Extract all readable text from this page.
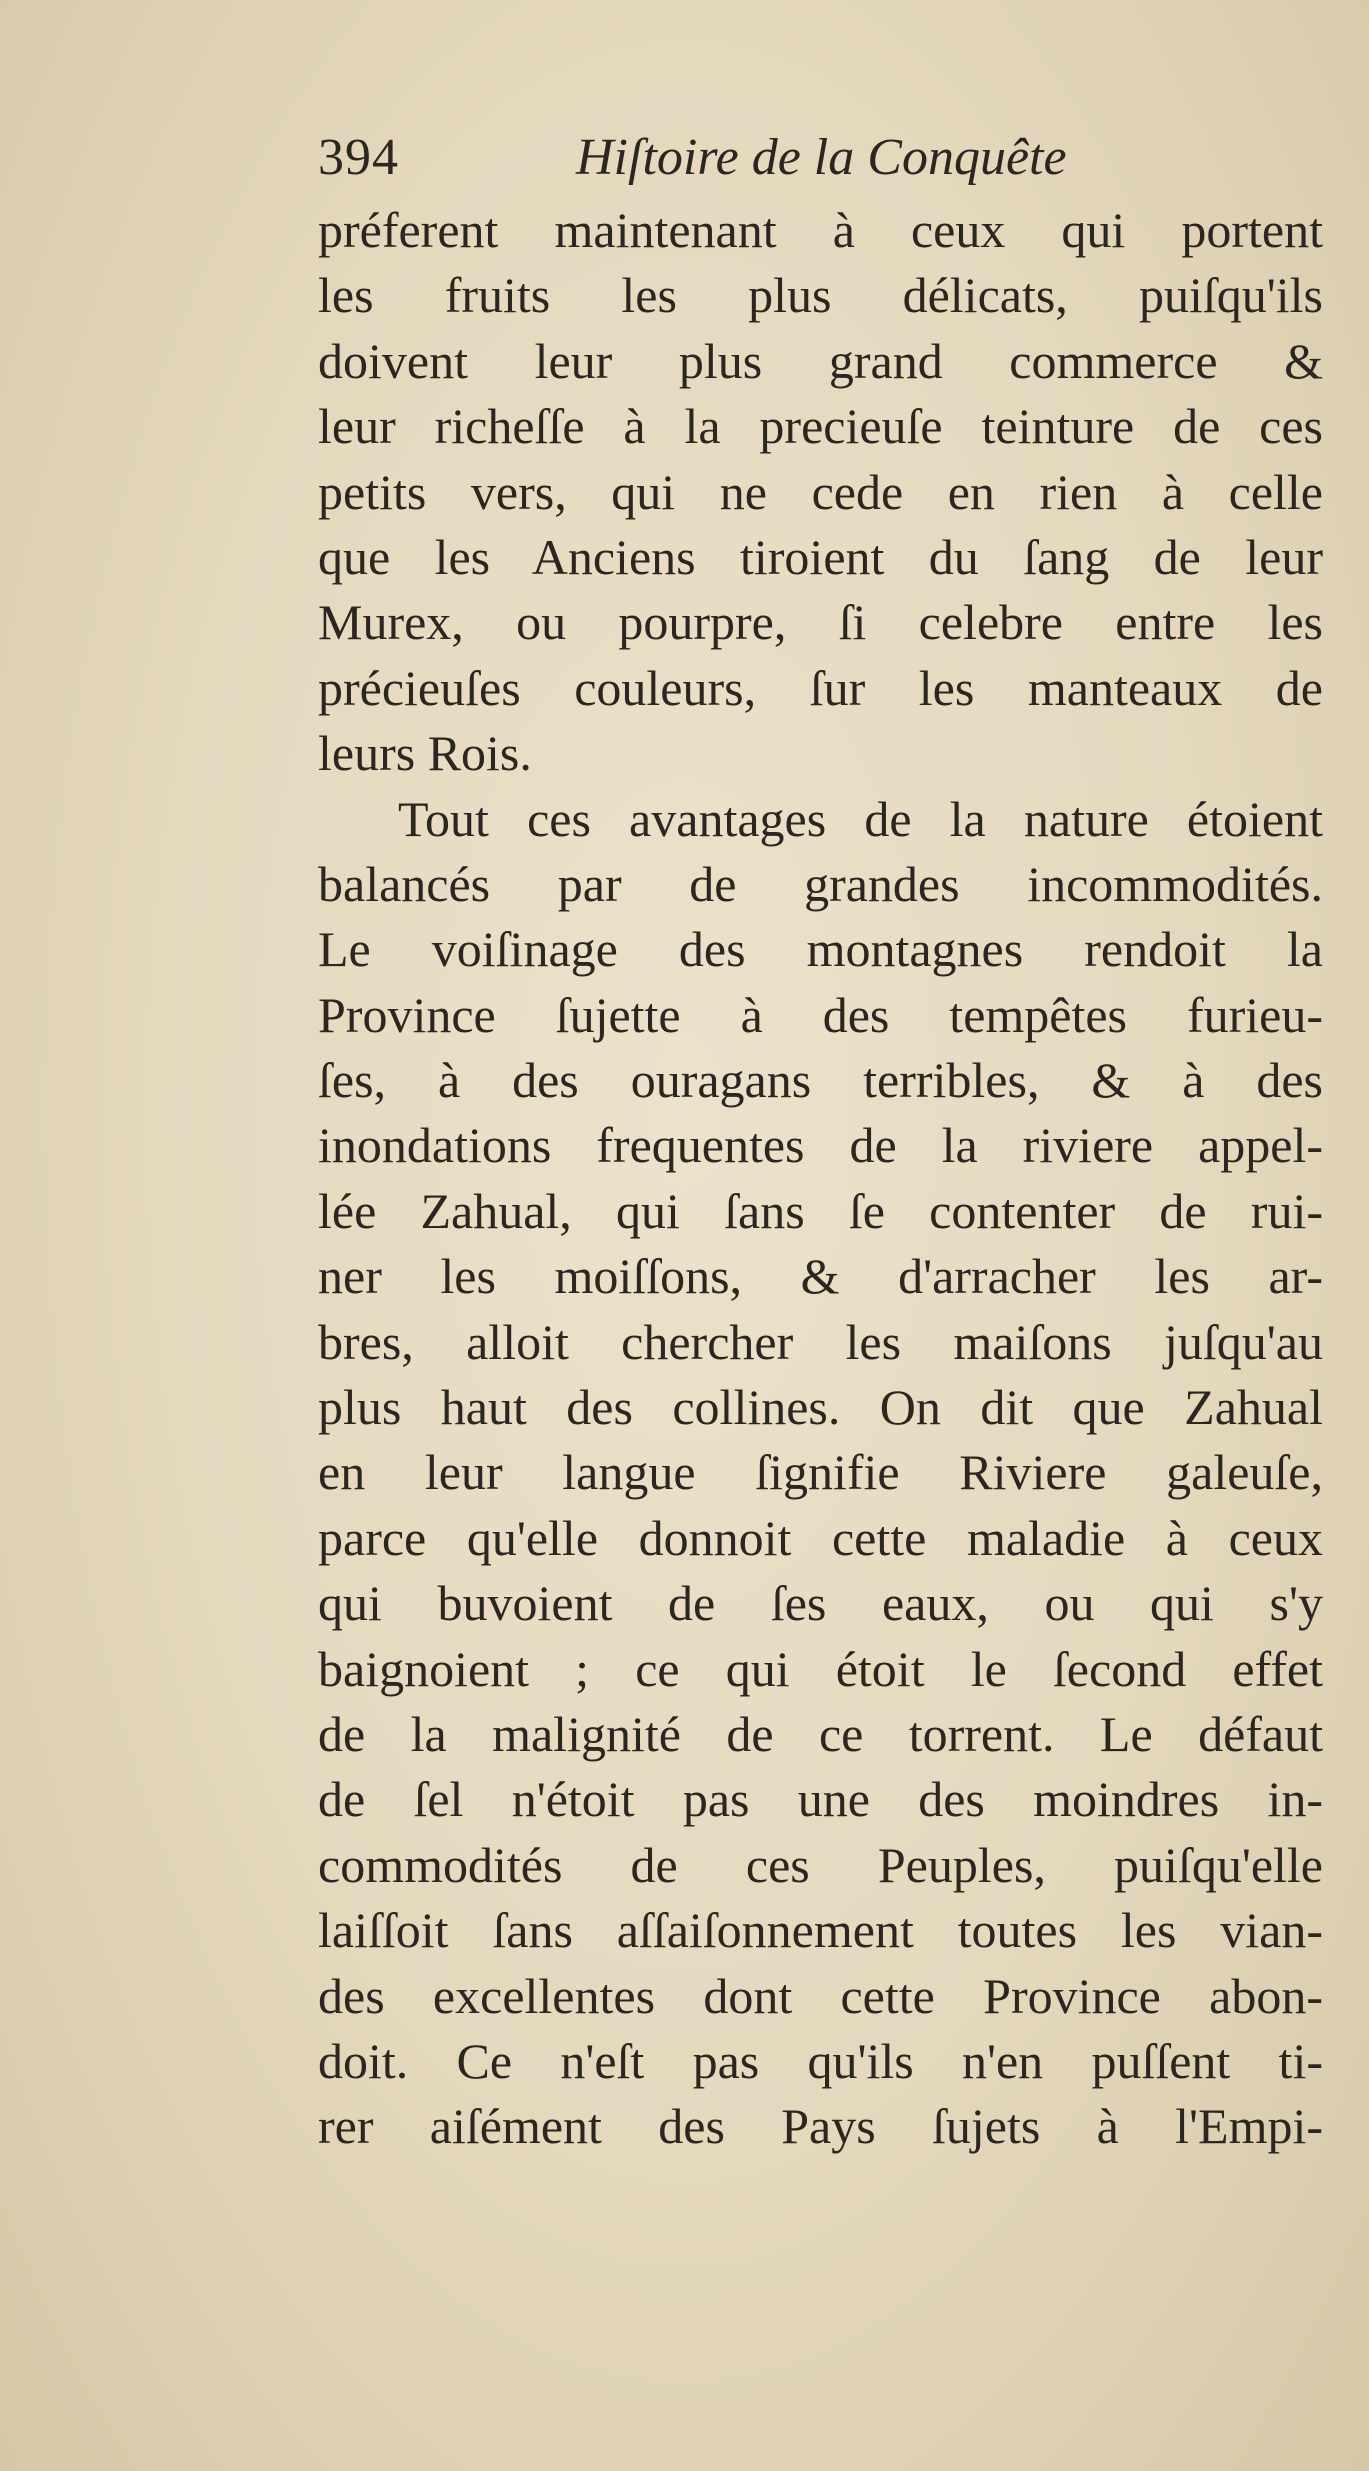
394	Hiſtoire de la Conquête
préferent maintenant à ceux qui portent
les fruits les plus délicats, puiſqu'ils
doivent leur plus grand commerce &
leur richeſſe à la precieuſe teinture de ces
petits vers, qui ne cede en rien à celle
que les Anciens tiroient du ſang de leur
Murex, ou pourpre, ſi celebre entre les
précieuſes couleurs, ſur les manteaux de
leurs Rois.
Tout ces avantages de la nature étoient
balancés par de grandes incommodités.
Le voiſinage des montagnes rendoit la
Province ſujette à des tempêtes furieu-
ſes, à des ouragans terribles, & à des
inondations frequentes de la riviere appel-
lée Zahual, qui ſans ſe contenter de rui-
ner les moiſſons, & d'arracher les ar-
bres, alloit chercher les maiſons juſqu'au
plus haut des collines. On dit que Zahual
en leur langue ſignifie Riviere galeuſe,
parce qu'elle donnoit cette maladie à ceux
qui buvoient de ſes eaux, ou qui s'y
baignoient ; ce qui étoit le ſecond effet
de la malignité de ce torrent. Le défaut
de ſel n'étoit pas une des moindres in-
commodités de ces Peuples, puiſqu'elle
laiſſoit ſans aſſaiſonnement toutes les vian-
des excellentes dont cette Province abon-
doit. Ce n'eſt pas qu'ils n'en puſſent ti-
rer aiſément des Pays ſujets à l'Empi-
